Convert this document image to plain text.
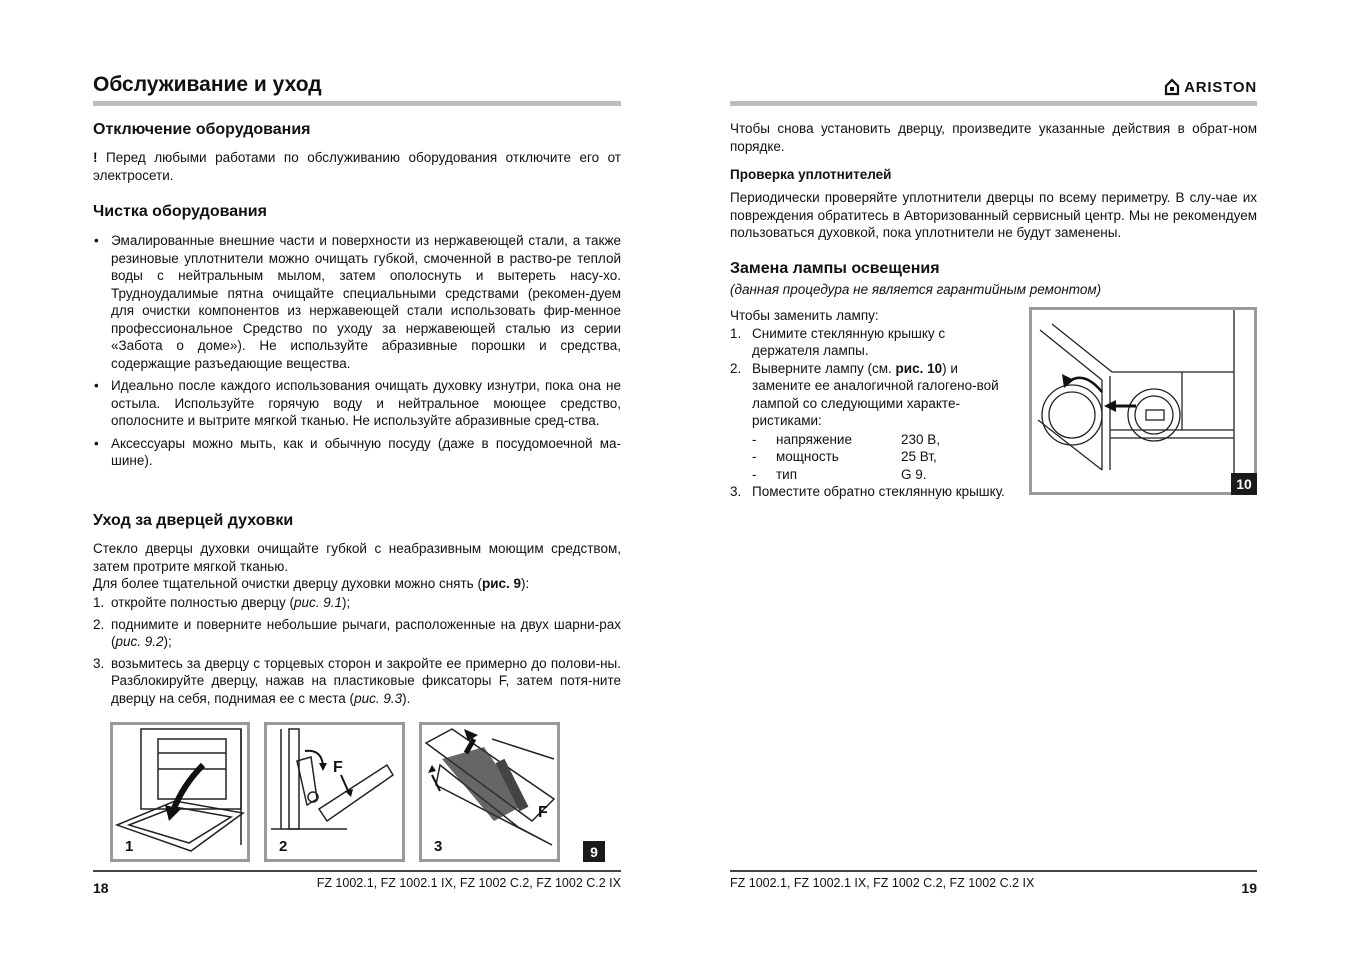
Обслуживание и уход
Отключение оборудования
! Перед любыми работами по обслуживанию оборудования отключите его от электросети.
Чистка оборудования
• Эмалированные внешние части и поверхности из нержавеющей стали, а также резиновые уплотнители можно очищать губкой, смоченной в раство-ре теплой воды с нейтральным мылом, затем ополоснуть и вытереть насу-хо. Трудноудалимые пятна очищайте специальными средствами (рекомен-дуем для очистки компонентов из нержавеющей стали использовать фир-менное профессиональное Средство по уходу за нержавеющей сталью из серии «Забота о доме»). Не используйте абразивные порошки и средства, содержащие разъедающие вещества.
• Идеально после каждого использования очищать духовку изнутри, пока она не остыла. Используйте горячую воду и нейтральное моющее средство, ополосните и вытрите мягкой тканью. Не используйте абразивные сред-ства.
• Аксессуары можно мыть, как и обычную посуду (даже в посудомоечной ма-шине).
Уход за дверцей духовки
Стекло дверцы духовки очищайте губкой с неабразивным моющим средством, затем протрите мягкой тканью.
Для более тщательной очистки дверцу духовки можно снять (рис. 9):
1. откройте полностью дверцу (рис. 9.1);
2. поднимите и поверните небольшие рычаги, расположенные на двух шарни-рах (рис. 9.2);
3. возьмитесь за дверцу с торцевых сторон и закройте ее примерно до полови-ны. Разблокируйте дверцу, нажав на пластиковые фиксаторы F, затем потя-ните дверцу на себя, поднимая ее с места (рис. 9.3).
1
F
2
F
3	9
18	FZ 1002.1, FZ 1002.1 IX, FZ 1002 C.2, FZ 1002 C.2 IX
ARISTON
Чтобы снова установить дверцу, произведите указанные действия в обрат-ном порядке.
Проверка уплотнителей
Периодически проверяйте уплотнители дверцы по всему периметру. В слу-чае их повреждения обратитесь в Авторизованный сервисный центр. Мы не рекомендуем пользоваться духовкой, пока уплотнители не будут заменены.
Замена лампы освещения
(данная процедура не является гарантийным ремонтом)
Чтобы заменить лампу:
1. Снимите стеклянную крышку с держателя лампы.
2. Выверните лампу (см. рис. 10) и замените ее аналогичной галогено-вой лампой со следующими характе-ристиками:
-	напряжение	230 В,
-	мощность	25 Вт,
-	тип	G 9.
3. Поместите обратно стеклянную крышку.	10
FZ 1002.1, FZ 1002.1 IX, FZ 1002 C.2, FZ 1002 C.2 IX	19
